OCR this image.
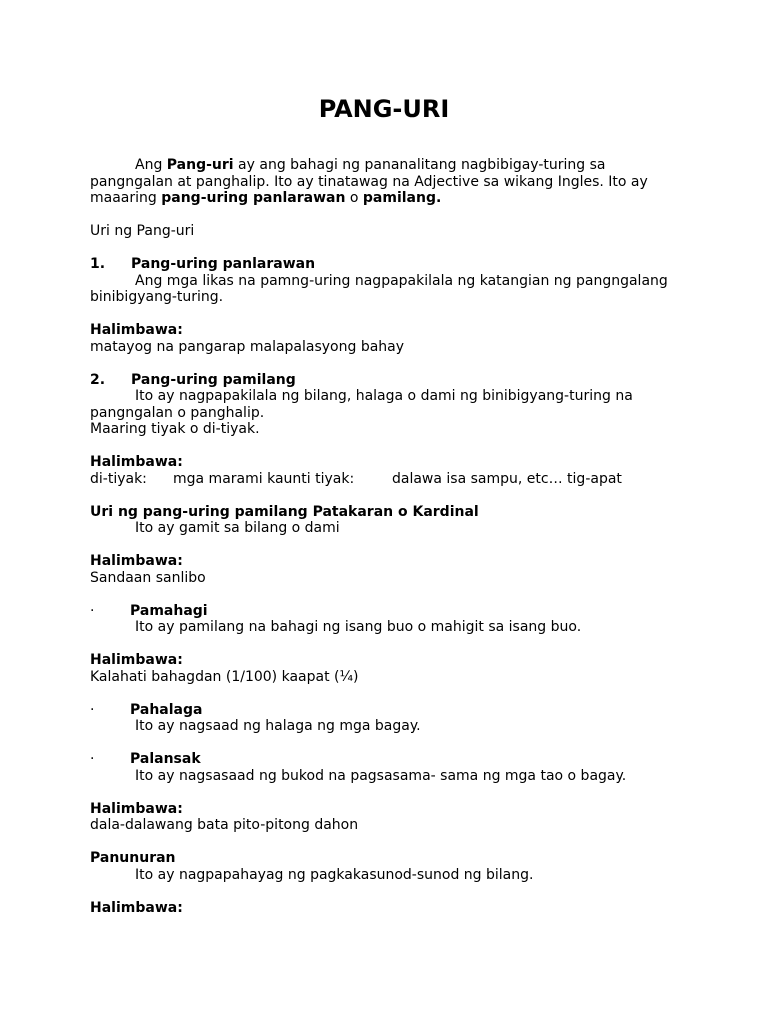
PANG-URI

Ang Pang-uri ay ang bahagi ng pananalitang nagbibigay-turing sa

pangngalan at panghalip. Ito ay tinatawag na Adjective sa wikang Ingles. Ito ay

maaaring pang-uring panlarawan o pamilang.

Uri ng Pang-uri

1. Pang-uring panlarawan

Ang mga likas na pamng-uring nagpapakilala ng katangian ng pangngalang

binibigyang-turing.

Halimbawa:

matayog na pangarap malapalasyong bahay

2. Pang-uring pamilang

Ito ay nagpapakilala ng bilang, halaga o dami ng binibigyang-turing na

pangngalan o panghalip.

Maaring tiyak o di-tiyak.

Halimbawa:

di-tiyak: mga marami kaunti tiyak:	dalawa isa sampu, etc… tig-apat

Uri ng pang-uring pamilang Patakaran o Kardinal

Ito ay gamit sa bilang o dami

Halimbawa:

Sandaan sanlibo

·	Pamahagi

Ito ay pamilang na bahagi ng isang buo o mahigit sa isang buo.

Halimbawa:

Kalahati bahagdan (1/100) kaapat (¼)

·	Pahalaga

Ito ay nagsaad ng halaga ng mga bagay.

·	Palansak

Ito ay nagsasaad ng bukod na pagsasama- sama ng mga tao o bagay.

Halimbawa:

dala-dalawang bata pito-pitong dahon

Panunuran

Ito ay nagpapahayag ng pagkakasunod-sunod ng bilang.

Halimbawa:
